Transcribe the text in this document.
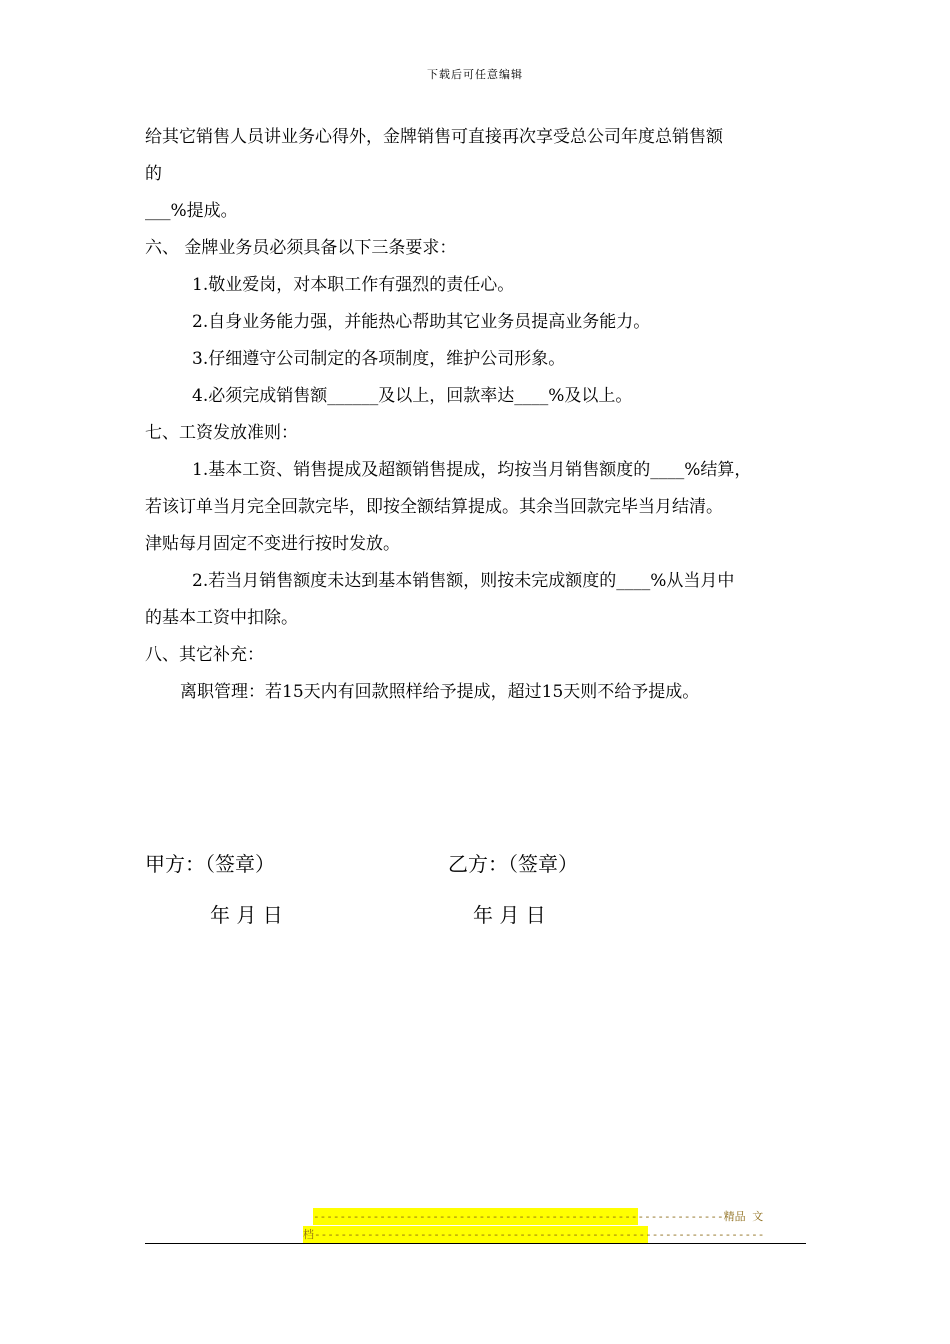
下载后可任意编辑
给其它销售人员讲业务心得外，金牌销售可直接再次享受总公司年度总销售额
的
___%提成。
六、 金牌业务员必须具备以下三条要求：
1.敬业爱岗，对本职工作有强烈的责任心。
2.自身业务能力强，并能热心帮助其它业务员提高业务能力。
3.仔细遵守公司制定的各项制度，维护公司形象。
4.必须完成销售额______及以上，回款率达____%及以上。
七、工资发放准则：
1.基本工资、销售提成及超额销售提成，均按当月销售额度的____%结算，
若该订单当月完全回款完毕，即按全额结算提成。其余当回款完毕当月结清。
津贴每月固定不变进行按时发放。
2.若当月销售额度未达到基本销售额，则按未完成额度的____%从当月中
的基本工资中扣除。
八、其它补充：
离职管理：若15天内有回款照样给予提成，超过15天则不给予提成。
甲方：（签章）	乙方：（签章）
年 月 日	年 月 日
--------------------------------------------------------------精品 文
档--------------------------------------------------------------------
